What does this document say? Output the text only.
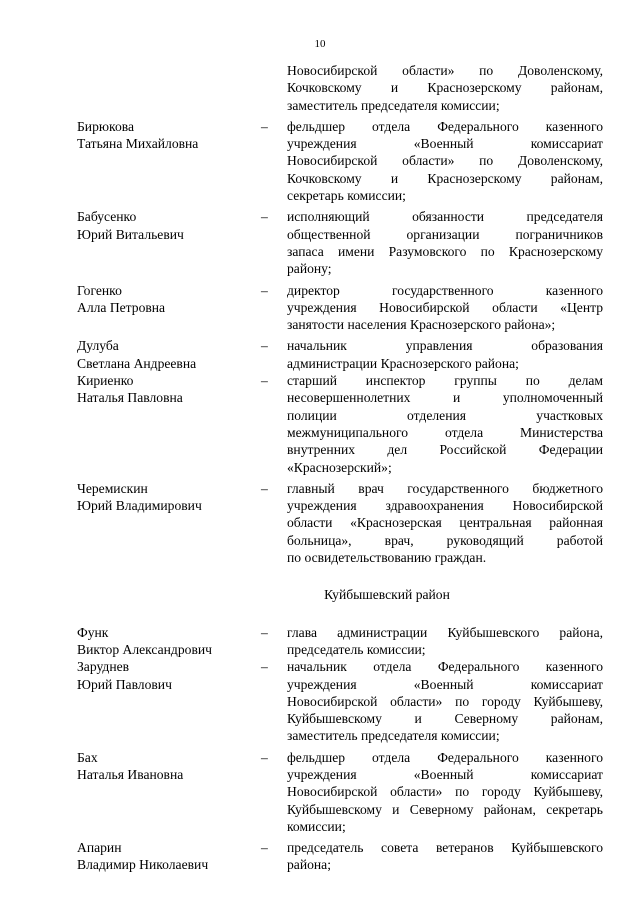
10
Новосибирской области» по Доволенскому,
Кочковскому и Краснозерскому районам,
заместитель председателя комиссии;
Бирюкова
Татьяна Михайловна
–	фельдшер отдела Федерального казенного
учреждения «Военный комиссариат
Новосибирской области» по Доволенскому,
Кочковскому и Краснозерскому районам,
секретарь комиссии;
Бабусенко
Юрий Витальевич
–	исполняющий обязанности председателя
общественной организации пограничников
запаса имени Разумовского по Краснозерскому
району;
Гогенко
Алла Петровна
–	директор государственного казенного
учреждения Новосибирской области «Центр
занятости населения Краснозерского района»;
Дулуба
Светлана Андреевна
–	начальник управления образования
администрации Краснозерского района;
Кириенко
Наталья Павловна
–	старший инспектор группы по делам
несовершеннолетних и уполномоченный
полиции отделения участковых
межмуниципального отдела Министерства
внутренних дел Российской Федерации
«Краснозерский»;
Черемискин
Юрий Владимирович
–	главный врач государственного бюджетного
учреждения здравоохранения Новосибирской
области «Краснозерская центральная районная
больница», врач, руководящий работой
по освидетельствованию граждан.
Куйбышевский район
Функ
Виктор Александрович
–	глава администрации Куйбышевского района,
председатель комиссии;
Заруднев
Юрий Павлович
–	начальник отдела Федерального казенного
учреждения «Военный комиссариат
Новосибирской области» по городу Куйбышеву,
Куйбышевскому и Северному районам,
заместитель председателя комиссии;
Бах
Наталья Ивановна
–	фельдшер отдела Федерального казенного
учреждения «Военный комиссариат
Новосибирской области» по городу Куйбышеву,
Куйбышевскому и Северному районам, секретарь
комиссии;
Апарин
Владимир Николаевич
–	председатель совета ветеранов Куйбышевского
района;
